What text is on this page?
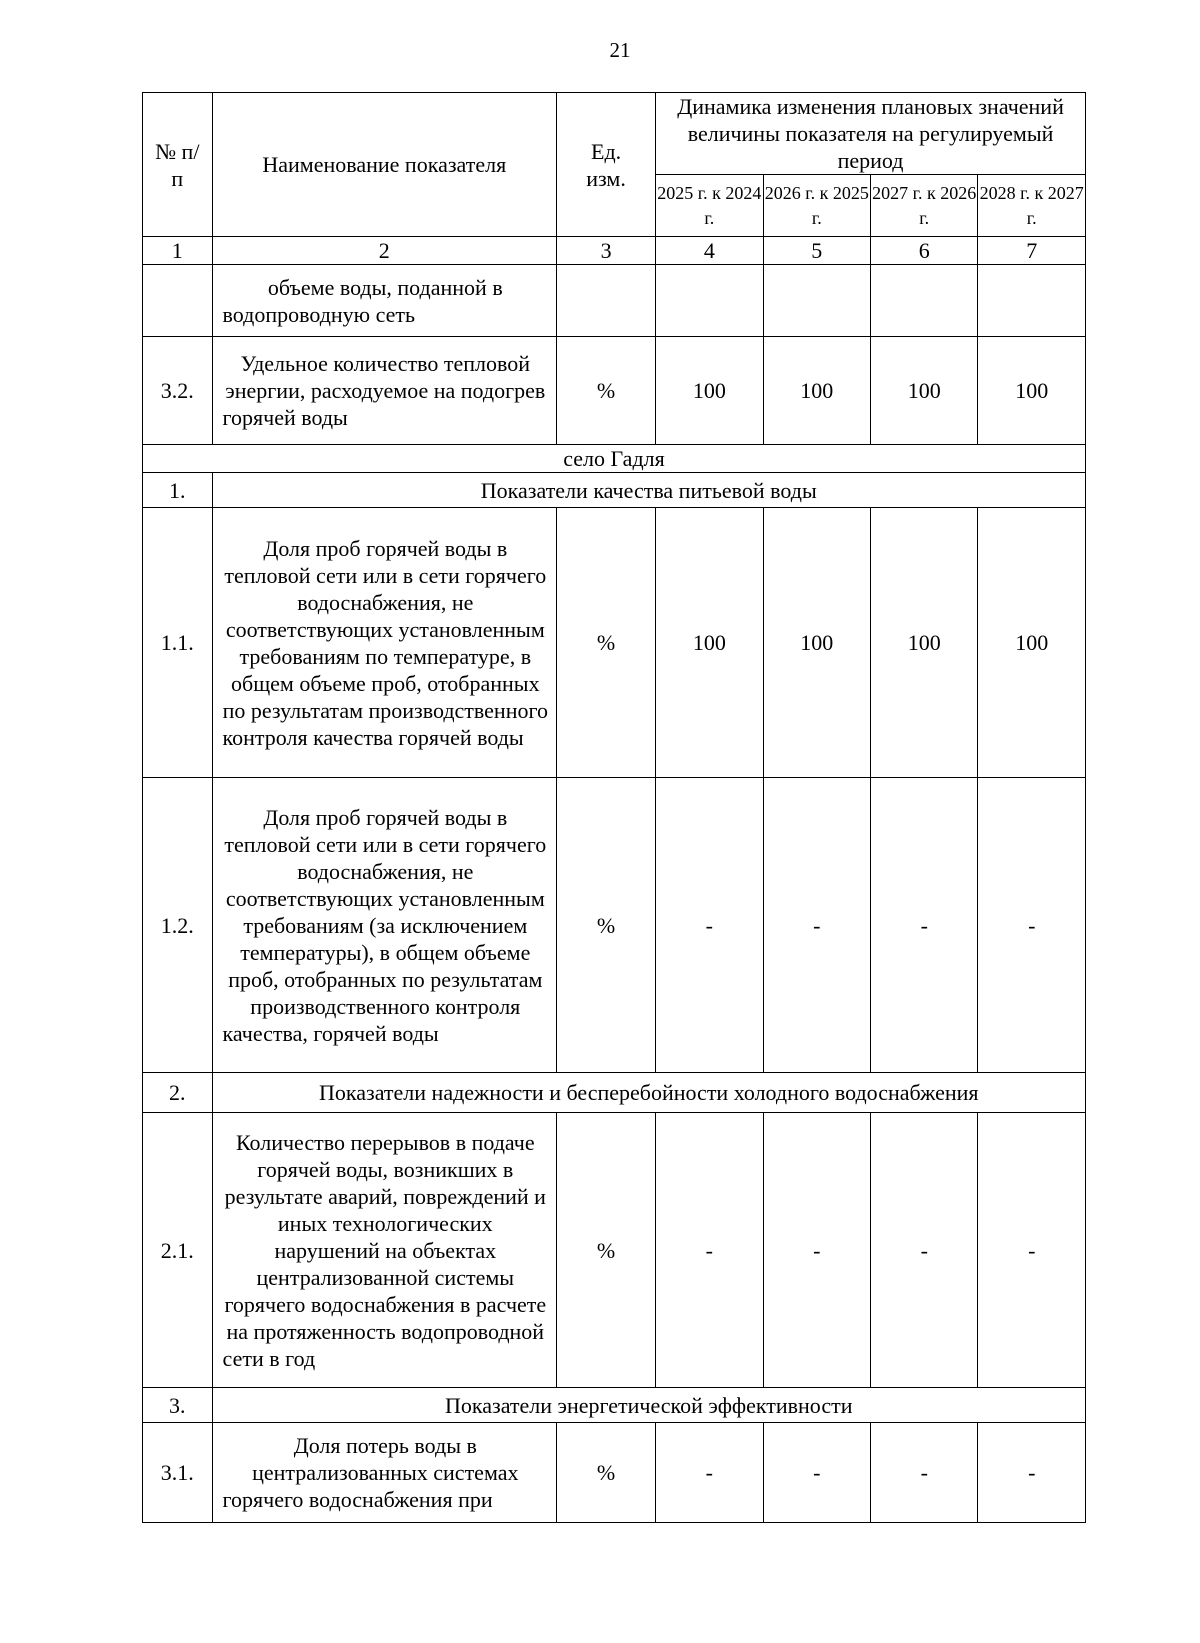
21
№ п/п	Наименование показателя	Ед. изм.	Динамика изменения плановых значений величины показателя на регулируемый период			
			2025 г. к 2024 г.	2026 г. к 2025 г.	2027 г. к 2026 г.	2028 г. к 2027 г.
1	2	3	4	5	6	7
	объеме воды, поданной в водопроводную сеть					
3.2.	Удельное количество тепловой энергии, расходуемое на подогрев горячей воды	%	100	100	100	100
село Гадля						
1.	Показатели качества питьевой воды					
1.1.	Доля проб горячей воды в тепловой сети или в сети горячего водоснабжения, не соответствующих установленным требованиям по температуре, в общем объеме проб, отобранных по результатам производственного контроля качества горячей воды	%	100	100	100	100
1.2.	Доля проб горячей воды в тепловой сети или в сети горячего водоснабжения, не соответствующих установленным требованиям (за исключением температуры), в общем объеме проб, отобранных по результатам производственного контроля качества, горячей воды	%	-	-	-	-
2.	Показатели надежности и бесперебойности холодного водоснабжения					
2.1.	Количество перерывов в подаче горячей воды, возникших в результате аварий, повреждений и иных технологических нарушений на объектах централизованной системы горячего водоснабжения в расчете на протяженность водопроводной сети в год	%	-	-	-	-
3.	Показатели энергетической эффективности					
3.1.	Доля потерь воды в централизованных системах горячего водоснабжения при	%	-	-	-	-
